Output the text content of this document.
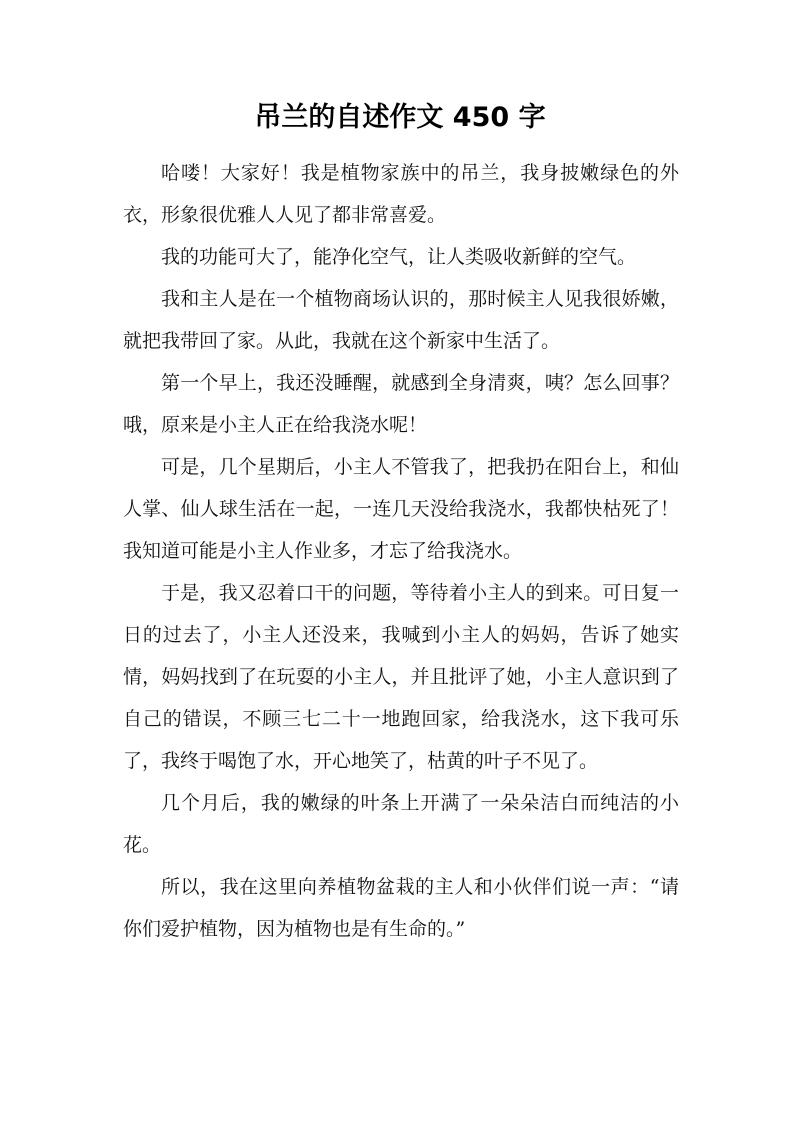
吊兰的自述作文 450 字

哈喽！大家好！我是植物家族中的吊兰，我身披嫩绿色的外衣，形象很优雅人人见了都非常喜爱。

我的功能可大了，能净化空气，让人类吸收新鲜的空气。

我和主人是在一个植物商场认识的，那时候主人见我很娇嫩，就把我带回了家。从此，我就在这个新家中生活了。

第一个早上，我还没睡醒，就感到全身清爽，咦？怎么回事？哦，原来是小主人正在给我浇水呢！

可是，几个星期后，小主人不管我了，把我扔在阳台上，和仙人掌、仙人球生活在一起，一连几天没给我浇水，我都快枯死了！我知道可能是小主人作业多，才忘了给我浇水。

于是，我又忍着口干的问题，等待着小主人的到来。可日复一日的过去了，小主人还没来，我喊到小主人的妈妈，告诉了她实情，妈妈找到了在玩耍的小主人，并且批评了她，小主人意识到了自己的错误，不顾三七二十一地跑回家，给我浇水，这下我可乐了，我终于喝饱了水，开心地笑了，枯黄的叶子不见了。

几个月后，我的嫩绿的叶条上开满了一朵朵洁白而纯洁的小花。

所以，我在这里向养植物盆栽的主人和小伙伴们说一声：“请你们爱护植物，因为植物也是有生命的。”
